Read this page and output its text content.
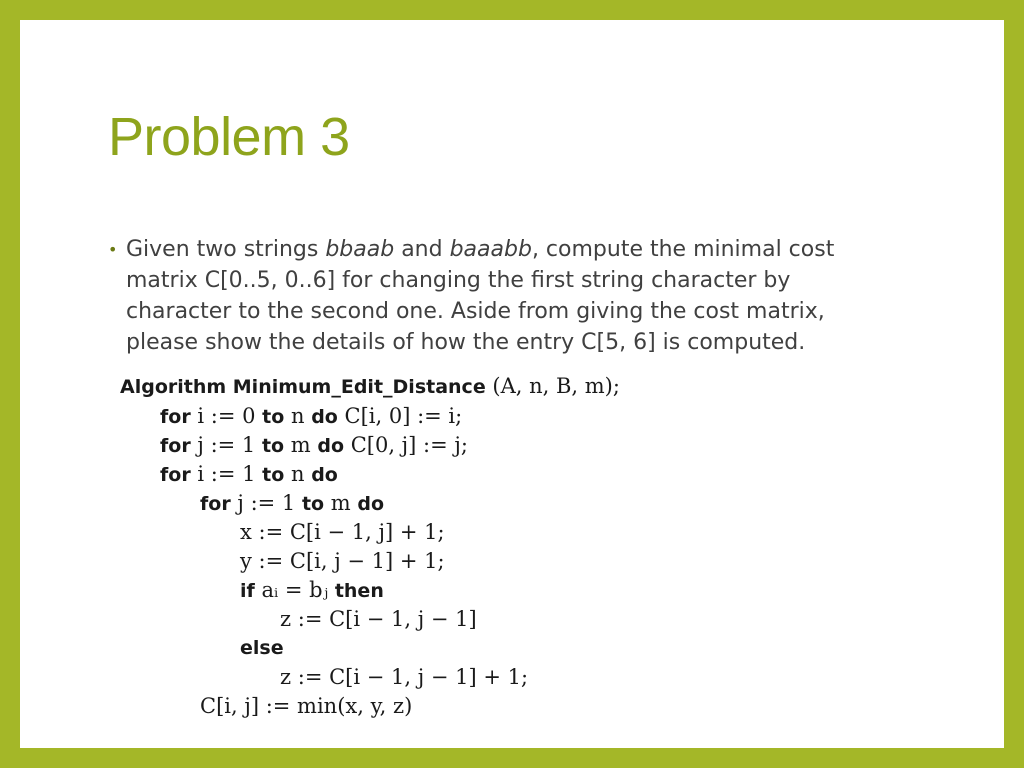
Problem 3
• Given two strings bbaab and baaabb, compute the minimal cost matrix C[0..5, 0..6] for changing the first string character by character to the second one. Aside from giving the cost matrix, please show the details of how the entry C[5, 6] is computed.
Algorithm Minimum_Edit_Distance (A, n, B, m);
for i := 0 to n do C[i, 0] := i;
for j := 1 to m do C[0, j] := j;
for i := 1 to n do
for j := 1 to m do
x := C[i − 1, j] + 1;
y := C[i, j − 1] + 1;
if aᵢ = bⱼ then
z := C[i − 1, j − 1]
else
z := C[i − 1, j − 1] + 1;
C[i, j] := min(x, y, z)
